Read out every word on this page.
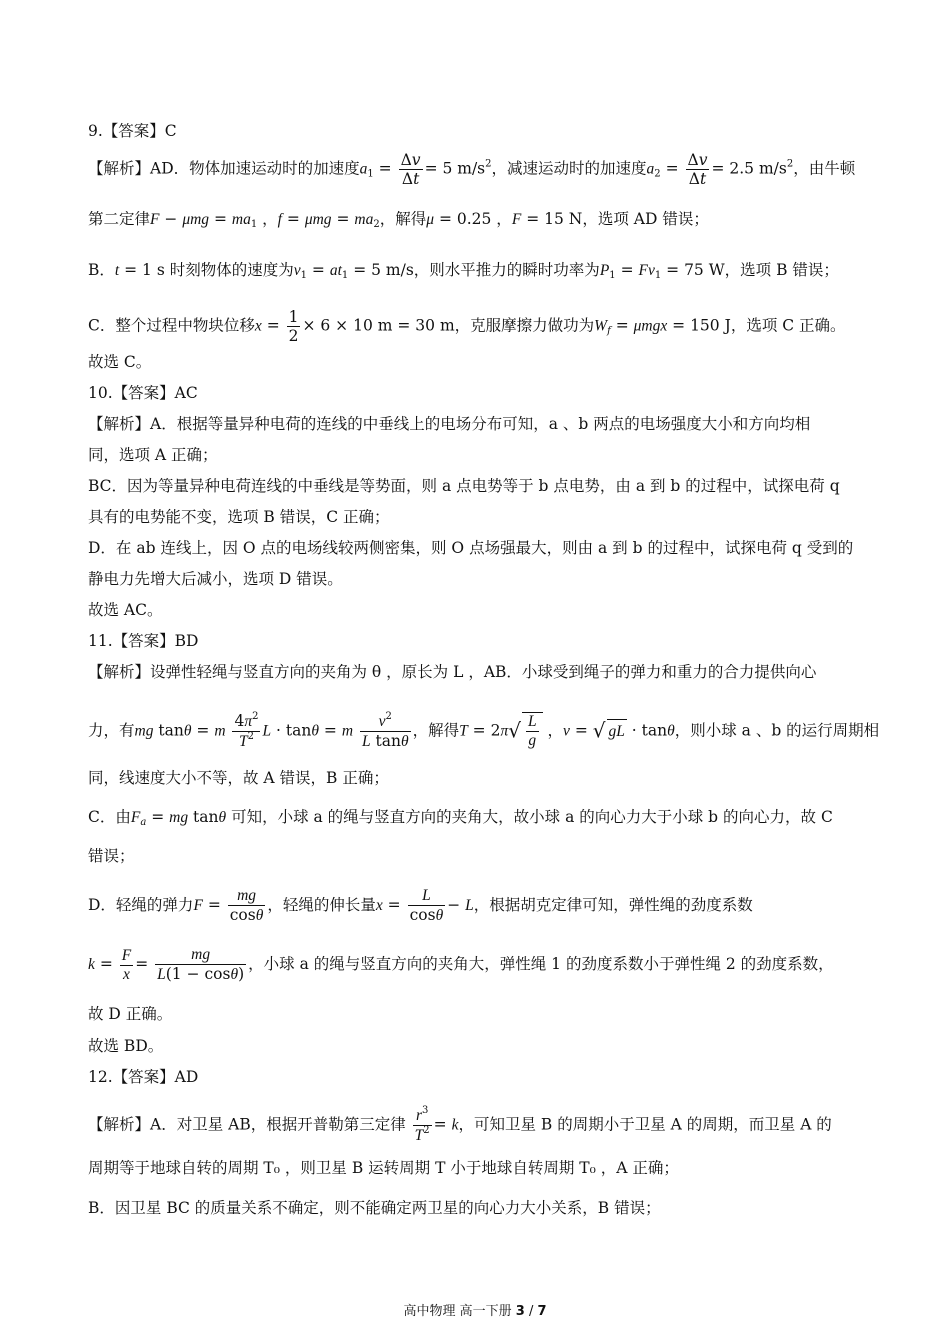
9.【答案】C
【解析】AD．物体加速运动时的加速度$a_1 = \frac{\Delta v}{\Delta t} = 5$ $m/s^2$，减速运动时的加速度$a_2 = \frac{\Delta v}{\Delta t} = 2.5$ $m/s^2$，由牛顿
第二定律$F - \mu mg = ma_1$ ，$f = \mu mg = ma_2$，解得μ = 0.25 ，F = 15 N，选项 AD 错误；
B．t = 1 s 时刻物体的速度为$v_1 = at_1 = 5$ m/s，则水平推力的瞬时功率为$P_1 = Fv_1 = 75$ W，选项 B 错误；
C．整个过程中物块位移$x = \frac{1}{2} \times 6 \times 10$ m = 30 m，克服摩擦力做功为$W_f = \mu mgx = 150$ J，选项 C 正确。
故选 C。
10.【答案】AC
【解析】A．根据等量异种电荷的连线的中垂线上的电场分布可知，a 、b 两点的电场强度大小和方向均相
同，选项 A 正确；
BC．因为等量异种电荷连线的中垂线是等势面，则 a 点电势等于 b 点电势，由 a 到 b 的过程中，试探电荷 q
具有的电势能不变，选项 B 错误，C 正确；
D．在 ab 连线上，因 O 点的电场线较两侧密集，则 O 点场强最大，则由 a 到 b 的过程中，试探电荷 q 受到的
静电力先增大后减小，选项 D 错误。
故选 AC。
11.【答案】BD
【解析】设弹性轻绳与竖直方向的夹角为 θ ，原长为 L ，AB．小球受到绳子的弹力和重力的合力提供向心
力，有mg tanθ = m $\frac{4\pi^2}{T^2}$ L · tanθ = m $\frac{v^2}{\text{L tanθ}}$ ，解得$T = 2\pi√ \frac{L}{g}$ ，v = √ gL · tanθ，则小球 a 、b 的运行周期相
同，线速度大小不等，故 A 错误，B 正确；
C．由$F_a$ = mg tanθ 可知，小球 a 的绳与竖直方向的夹角大，故小球 a 的向心力大于小球 b 的向心力，故 C
错误；
D．轻绳的弹力$F = \frac{mg}{\cos\theta}$ ，轻绳的伸长量$x = \frac{L}{\cos\theta} - L$，根据胡克定律可知，弹性绳的劲度系数
$k = \frac{F}{x} = \frac{mg}{L(1 - \cos\theta)}$ ，小球 a 的绳与竖直方向的夹角大，弹性绳 1 的劲度系数小于弹性绳 2 的劲度系数，
故 D 正确。
故选 BD。
12.【答案】AD
【解析】A．对卫星 AB，根据开普勒第三定律 $\frac{r^3}{T^2} = k$，可知卫星 B 的周期小于卫星 A 的周期，而卫星 A 的
周期等于地球自转的周期 T₀ ，则卫星 B 运转周期 T 小于地球自转周期 T₀ ，A 正确；
B．因卫星 BC 的质量关系不确定，则不能确定两卫星的向心力大小关系，B 错误；
高中物理 高一下册 3 / 7
